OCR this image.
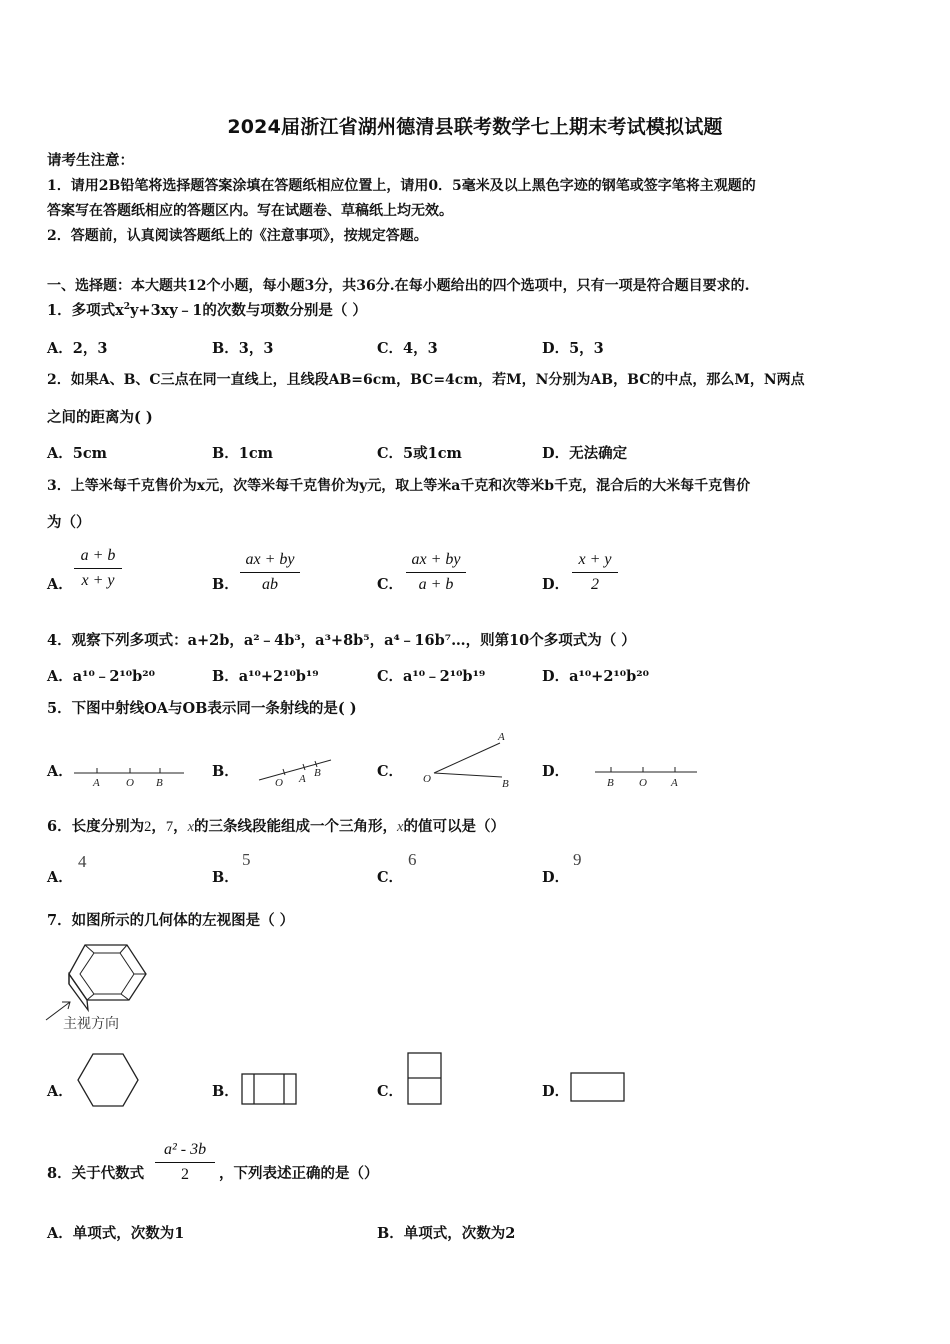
2024届浙江省湖州德清县联考数学七上期末考试模拟试题
请考生注意：
1．请用2B铅笔将选择题答案涂填在答题纸相应位置上，请用0．5毫米及以上黑色字迹的钢笔或签字笔将主观题的
答案写在答题纸相应的答题区内。写在试题卷、草稿纸上均无效。
2．答题前，认真阅读答题纸上的《注意事项》，按规定答题。
一、选择题：本大题共12个小题，每小题3分，共36分.在每小题给出的四个选项中，只有一项是符合题目要求的.
1．多项式$x^2y+3xy﹣1$的次数与项数分别是（ ）
A．2，3	B．3，3	C．4，3	D．5，3
2．如果A、B、C三点在同一直线上，且线段AB=6cm，BC=4cm，若M，N分别为AB，BC的中点，那么M，N两点
之间的距离为( )
A．5cm	B．1cm	C．5或1cm	D．无法确定
3．上等米每千克售价为x元，次等米每千克售价为y元，取上等米a千克和次等米b千克，混合后的大米每千克售价
为（）
A．
a + b
x + y	B．
ax + by
ab	C．
ax + by
a + b	D．
x + y
2
4．观察下列多项式：a+2b，a²﹣4b³，a³+8b⁵，a⁴﹣16b⁷…，则第10个多项式为（ ）
A．a¹⁰﹣2¹⁰b²⁰	B．a¹⁰+2¹⁰b¹⁹	C．a¹⁰﹣2¹⁰b¹⁹	D．a¹⁰+2¹⁰b²⁰
5．下图中射线OA与OB表示同一条射线的是( )
A．
A O B
B．
O A B	C．
A
O	B
D．
B O A
6．长度分别为2，7，x的三条线段能组成一个三角形，x的值可以是（）
A．
4
B．
5
C．
6
D．
9
7．如图所示的几何体的左视图是（ ）
主视方向
A．	B．	C．	D．
8．关于代数式
a² - 3b
2	，下列表述正确的是（）
A．单项式，次数为1	B．单项式，次数为2
